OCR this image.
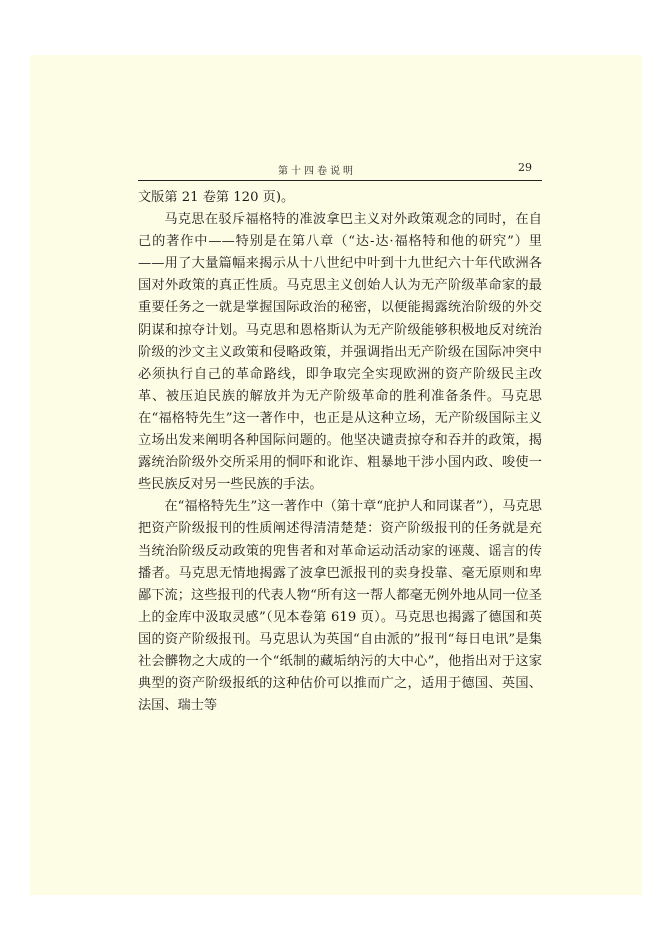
第十四卷说明	29

文版第 21 卷第 120 页)。

马克思在驳斥福格特的准波拿巴主义对外政策观念的同时，在自己的著作中——特别是在第八章（“达-达·福格特和他的研究”）里——用了大量篇幅来揭示从十八世纪中叶到十九世纪六十年代欧洲各国对外政策的真正性质。马克思主义创始人认为无产阶级革命家的最重要任务之一就是掌握国际政治的秘密，以便能揭露统治阶级的外交阴谋和掠夺计划。马克思和恩格斯认为无产阶级能够积极地反对统治阶级的沙文主义政策和侵略政策，并强调指出无产阶级在国际冲突中必须执行自己的革命路线，即争取完全实现欧洲的资产阶级民主改革、被压迫民族的解放并为无产阶级革命的胜利准备条件。马克思在“福格特先生”这一著作中，也正是从这种立场，无产阶级国际主义立场出发来阐明各种国际问题的。他坚决谴责掠夺和吞并的政策，揭露统治阶级外交所采用的恫吓和讹诈、粗暴地干涉小国内政、唆使一些民族反对另一些民族的手法。

在“福格特先生”这一著作中（第十章“庇护人和同谋者”），马克思把资产阶级报刊的性质阐述得清清楚楚：资产阶级报刊的任务就是充当统治阶级反动政策的兜售者和对革命运动活动家的诬蔑、谣言的传播者。马克思无情地揭露了波拿巴派报刊的卖身投靠、毫无原则和卑鄙下流；这些报刊的代表人物“所有这一帮人都毫无例外地从同一位圣上的金库中汲取灵感”（见本卷第 619 页）。马克思也揭露了德国和英国的资产阶级报刊。马克思认为英国“自由派的”报刊“每日电讯”是集社会髒物之大成的一个“纸制的藏垢纳污的大中心”，他指出对于这家典型的资产阶级报纸的这种估价可以推而广之，适用于德国、英国、法国、瑞士等
